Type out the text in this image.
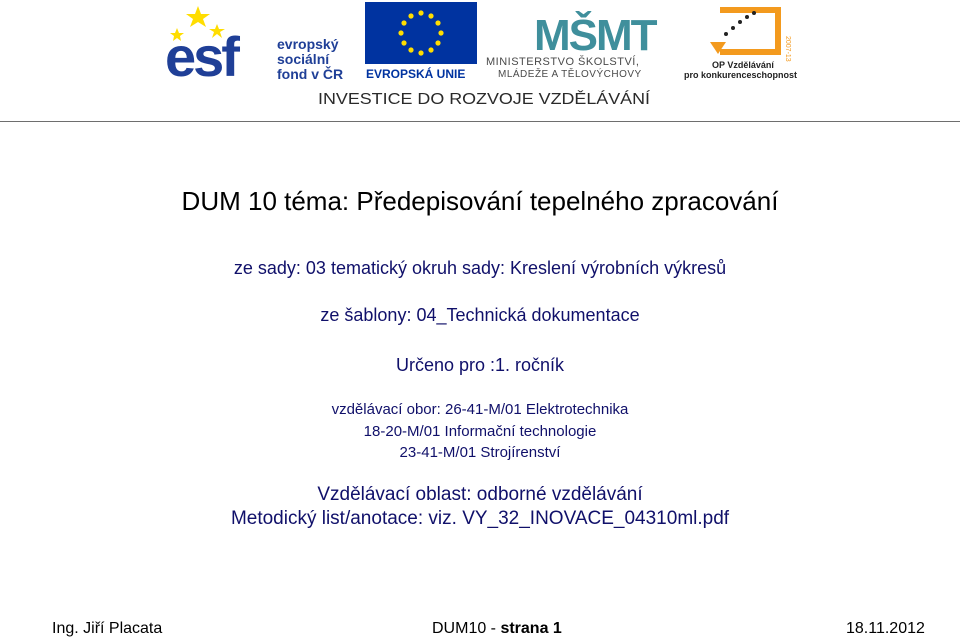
esf	evropský
sociální
fond v ČR EVROPSKÁ UNIE
MŠMT
MINISTERSTVO ŠKOLSTVÍ,
MLÁDEŽE A TĚLOVÝCHOVY
2007-13
OP Vzdělávání
pro konkurenceschopnost
INVESTICE DO ROZVOJE VZDĚLÁVÁNÍ
DUM 10 téma: Předepisování tepelného zpracování
ze sady: 03 tematický okruh sady: Kreslení výrobních výkresů
ze šablony: 04_Technická dokumentace
Určeno pro :1. ročník
vzdělávací obor: 26-41-M/01 Elektrotechnika
18-20-M/01 Informační technologie
23-41-M/01 Strojírenství
Vzdělávací oblast: odborné vzdělávání
Metodický list/anotace: viz. VY_32_INOVACE_04310ml.pdf
Ing. Jiří Placata	DUM10 - strana 1	18.11.2012
